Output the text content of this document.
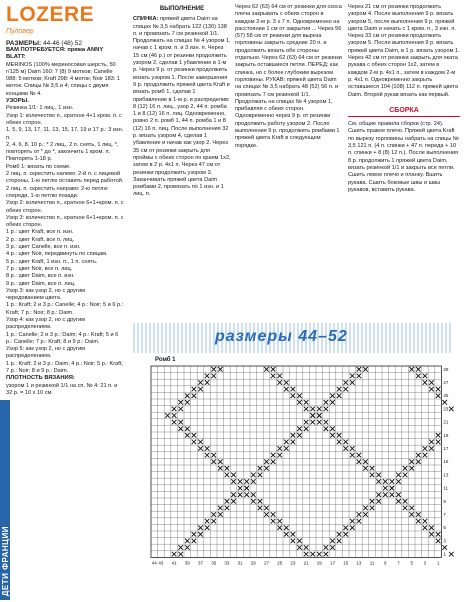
LOZERE
Пуловер
РАЗМЕРЫ: 44-46 (48) 52

ВАМ ПОТРЕБУЕТСЯ: пряжа ANNY BLATT:

MERINOS (100% мериносовая шерсть, 50 г/125 м) Daim 160: 7 (8) 9 мотков; Canelle 088: 5 мотков; Kraft 298: 4 моток; Noir 183: 1 моток. Спицы № 3,5 и 4; спицы с двумя концами № 4.

УЗОРЫ.

Резинка 1/1: 1 лиц., 1 изн.

Узор 1: количество п., кратное 4+1 кром. п. с обеих сторон.

1, 5, 9, 13, 17, 11, 13, 15, 17, 19 и 17 р.: 3 изн. п.

2, 4, 6, 8, 10 р.: * 2 лиц., 2 п. снять, 1 лиц. *, повторять от * до *, закончить 1 кром. п.

Повторять 1-18 р.

Ромб 1: вязать по схеме.

2 лиц. п. скрестить налево: 2-й п. с лицевой стороны, 1-ю петлю оставить перед работой.

2 лиц. п. скрестить направо: 2-ю петлю спереди, 1-ю петлю позади.

Узор 2: количество п., кратное 6+1+кром. п. с обеих сторон.

Узор 3: количество п., кратное 6+1+кром. п. с обеих сторон.

1 р.: цвет Kraft, все п. изн.

2 р.: цвет Kraft, все п. лиц.

3 р.: цвет Canelle, все п. изн.

4 р.: цвет Noir, передвинуть по спицам.

5 р.: цвет Kraft, 1 изн. п., 1 п. снять.

7 р.: цвет Noir, все п. лиц.

8 р.: цвет Daim, все п. изн.

9 р.: цвет Daim, все п. лиц.

Узор 3: как узор 2, но с другим чередованием цвета.

1 р.: Kraft; 2 и 3 р.: Canelle; 4 р.: Noir; 5 и 6 р.: Kraft; 7 р.: Noir; 8 р.: Daim.

Узор 4: как узор 2, но с другим распределением.

1 р.: Canelle; 2 и 3 р.: Daim; 4 р.: Kraft; 5 и 6 р.: Canelle; 7 р.: Kraft; 8 и 9 р.: Daim.

Узор 5: как узор 2, но с другим распределением.

1 р.: Kraft; 2 и 3 р.: Daim; 4 р.: Noir; 5 р.: Kraft; 7 р.: Noir; 8 и 9 р.: Daim.

ПЛОТНОСТЬ ВЯЗАНИЯ:

узором 1 и резинкой 1/1 на сп. № 4: 21 п. и 32 р. = 10 х 10 см.

ДЕТИ ФРАНЦИИ
ВЫПОЛНЕНИЕ

СПИНКА: пряжей цвета Daim на спицах № 3,5 набрать 122 (130) 138 п. и провязать 7 см резинкой 1/1. Продолжать на спицах № 4 узором 1, начав с 1 кром. п. и 3 изн. п. Через 15 см (46 р.) от резинки продолжить узором 2, сделав 1 убавление в 1-м р. Через 9 р. от резинки продолжить вязать узором 1. После завершения 9 р. продолжить пряжей цвета Kraft и вязать ромб 1, сделав 1 прибавление в 1-м р. и распределив: 8 (12) 16 п. лиц., узор 2, 44 п. ромба 1 и 8 (12) 16 п. лиц. Одновременно, ровно 2 п. ромб 1, 44 п. ромба 1 и 8 (12) 16 п. лиц. После выполнения 32 р. вязать узором 4, сделав 1 убавление и начав как узор 2. Через 35 см от резинки закрыть для проймы с обеих сторон по краям 1х2, затем в 2 р. 4х1 п. Через 47 см от резинки продолжить узором 3. Заканчивать пряжей цвета Daim ромбами 2, провязать по 1 изн. и 1 лиц. п.

Через 62 (63) 64 см от резинки для скоса плеча закрывать с обеих сторон в каждом 2-м р. 3 х 7 п. Одновременно на расстоянии 1 см от закрытия ... Через 56 (57) 58 см от резинки для выреза горловины закрыть средние 20 п. и продолжить вязать обе стороны отдельно. Через 62 (63) 64 см от резинки закрыть оставшиеся петли. ПЕРЕД: как спинка, но с более глубоким вырезом горловины. РУКАВ: пряжей цвета Daim на спицах № 3,5 набрать 48 (52) 56 п. и провязать 7 см резинкой 1/1. Продолжать на спицах № 4 узором 1, прибавляя с обеих сторон. Одновременно через 9 р. от резинки продолжить работу узором 2. После выполнения 9 р. продолжить ромбами 1 пряжей цвета Kraft в следующем порядке.

Через 21 см от резинки продолжить узором 4. После выполнения 9 р. вязать узором 5, после выполнения 9 р. пряжей цвета Daim и начать с 1 кром. п., 3 изн. п. Через 33 см от резинки продолжить узором 5. После выполнения 9 р. вязать пряжей цвета Daim, в 1 р. вязать узором 1. Через 42 см от резинки закрыть для оката рукава с обеих сторон 1х2, затем в каждом 2-м р. 4х1 п., затем в каждом 2-м р. 4х1 п. Одновременно закрыть оставшиеся 104 (108) 112 п. пряжей цвета Daim. Второй рукав вязать как первый.

СБОРКА

См. общие правила сборки (стр. 24). Сшить правое плечо. Пряжей цвета Kraft по вырезу горловины набрать на спицы № 3,5 121 п. (4 п. спинки + 47 п. переда + 10 п. спинки + 8 (8) 12 п.). После выполнения 8 р. продолжить 1 пряжей цвета Daim, вязать резинкой 1/1 и закрыть все петли. Сшить левое плечо и планку. Вшить рукава. Сшить боковые швы и швы рукавов, вставить рукава.

размеры 44–52
Ромб 1
44 43 41 39 37 35 33 31 29 27 25 23 21 19 17 15 13 11 9 7 5 3 1
29
27
25
23
21
19
17
15
13
11
9
7
5
3
1
